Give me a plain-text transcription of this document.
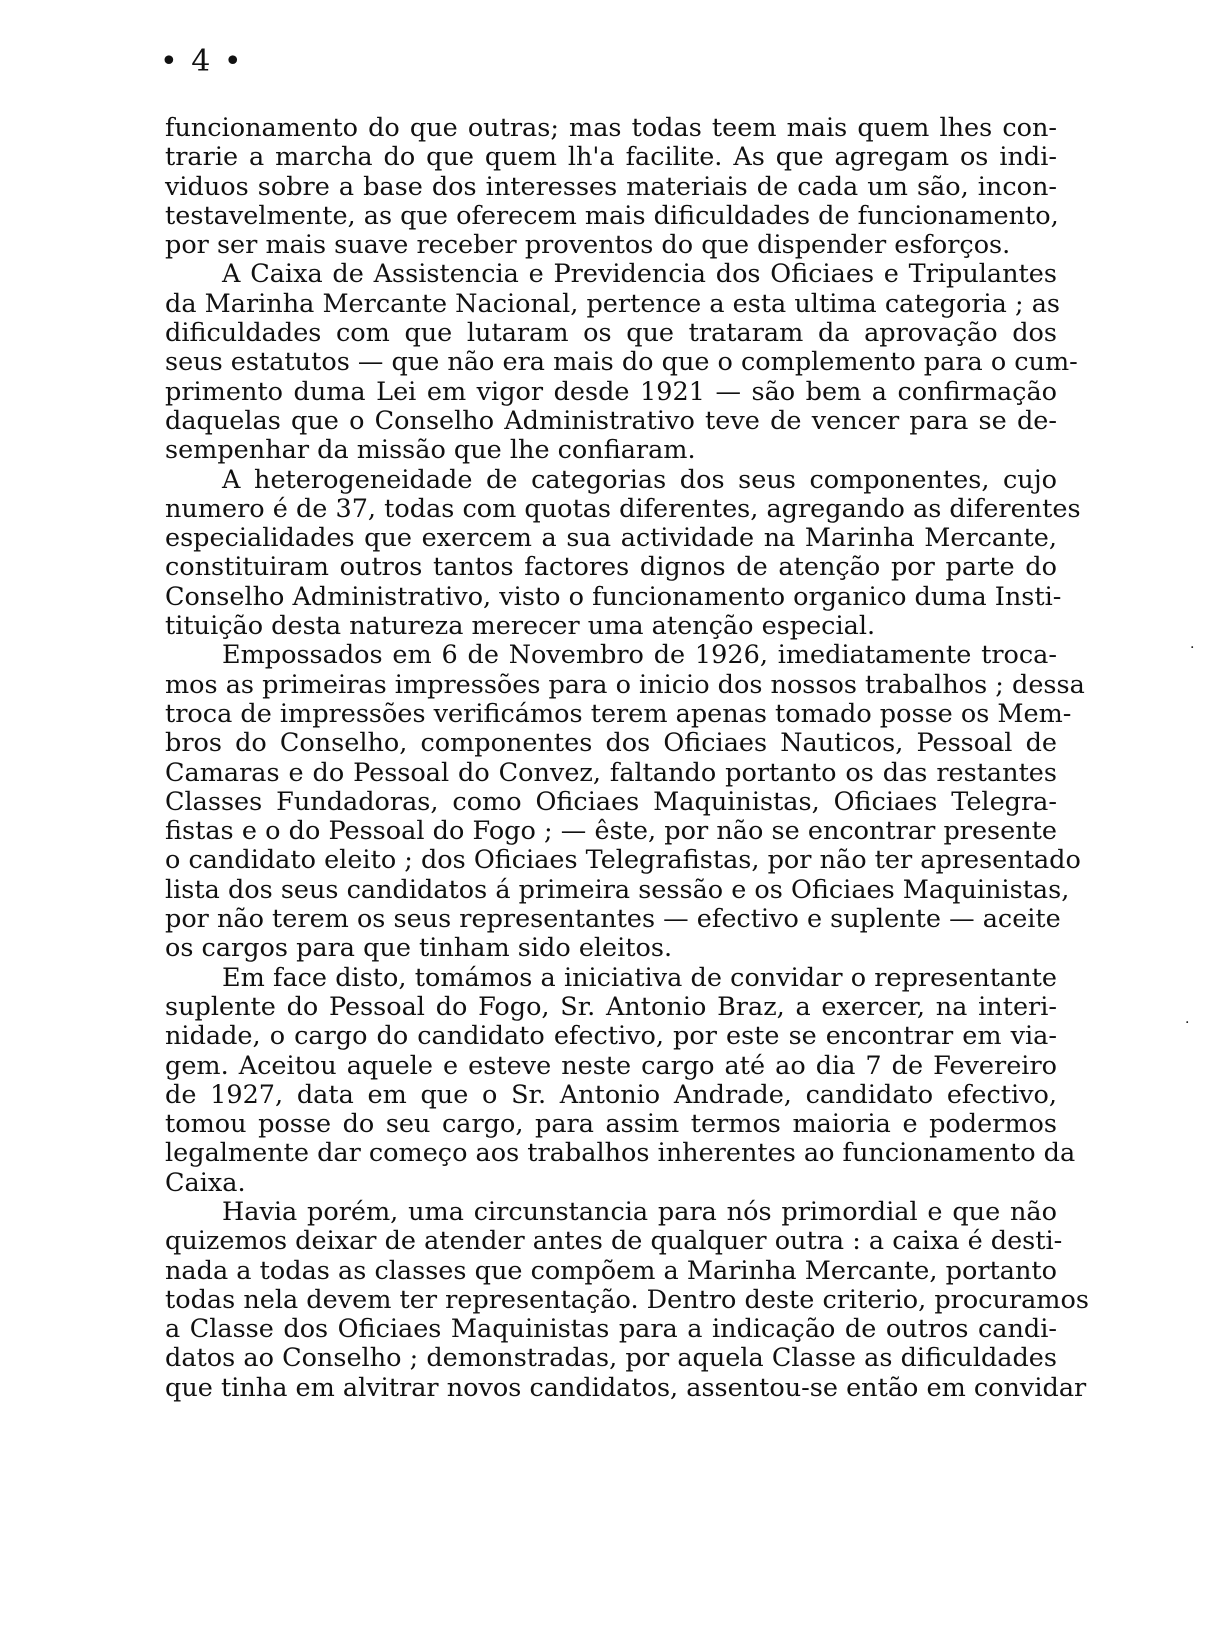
• 4 •
funcionamento do que outras; mas todas teem mais quem lhes con-
trarie a marcha do que quem lh'a facilite. As que agregam os indi-
viduos sobre a base dos interesses materiais de cada um são, incon-
testavelmente, as que oferecem mais dificuldades de funcionamento,
por ser mais suave receber proventos do que dispender esforços.
A Caixa de Assistencia e Previdencia dos Oficiaes e Tripulantes
da Marinha Mercante Nacional, pertence a esta ultima categoria ; as
dificuldades com que lutaram os que trataram da aprovação dos
seus estatutos — que não era mais do que o complemento para o cum-
primento duma Lei em vigor desde 1921 — são bem a confirmação
daquelas que o Conselho Administrativo teve de vencer para se de-
sempenhar da missão que lhe confiaram.
A heterogeneidade de categorias dos seus componentes, cujo
numero é de 37, todas com quotas diferentes, agregando as diferentes
especialidades que exercem a sua actividade na Marinha Mercante,
constituiram outros tantos factores dignos de atenção por parte do
Conselho Administrativo, visto o funcionamento organico duma Insti-
tituição desta natureza merecer uma atenção especial.
Empossados em 6 de Novembro de 1926, imediatamente troca-
mos as primeiras impressões para o inicio dos nossos trabalhos ; dessa
troca de impressões verificámos terem apenas tomado posse os Mem-
bros do Conselho, componentes dos Oficiaes Nauticos, Pessoal de
Camaras e do Pessoal do Convez, faltando portanto os das restantes
Classes Fundadoras, como Oficiaes Maquinistas, Oficiaes Telegra-
fistas e o do Pessoal do Fogo ; — êste, por não se encontrar presente
o candidato eleito ; dos Oficiaes Telegrafistas, por não ter apresentado
lista dos seus candidatos á primeira sessão e os Oficiaes Maquinistas,
por não terem os seus representantes — efectivo e suplente — aceite
os cargos para que tinham sido eleitos.
Em face disto, tomámos a iniciativa de convidar o representante
suplente do Pessoal do Fogo, Sr. Antonio Braz, a exercer, na interi-
nidade, o cargo do candidato efectivo, por este se encontrar em via-
gem. Aceitou aquele e esteve neste cargo até ao dia 7 de Fevereiro
de 1927, data em que o Sr. Antonio Andrade, candidato efectivo,
tomou posse do seu cargo, para assim termos maioria e podermos
legalmente dar começo aos trabalhos inherentes ao funcionamento da
Caixa.
Havia porém, uma circunstancia para nós primordial e que não
quizemos deixar de atender antes de qualquer outra : a caixa é desti-
nada a todas as classes que compõem a Marinha Mercante, portanto
todas nela devem ter representação. Dentro deste criterio, procuramos
a Classe dos Oficiaes Maquinistas para a indicação de outros candi-
datos ao Conselho ; demonstradas, por aquela Classe as dificuldades
que tinha em alvitrar novos candidatos, assentou-se então em convidar
·
·
